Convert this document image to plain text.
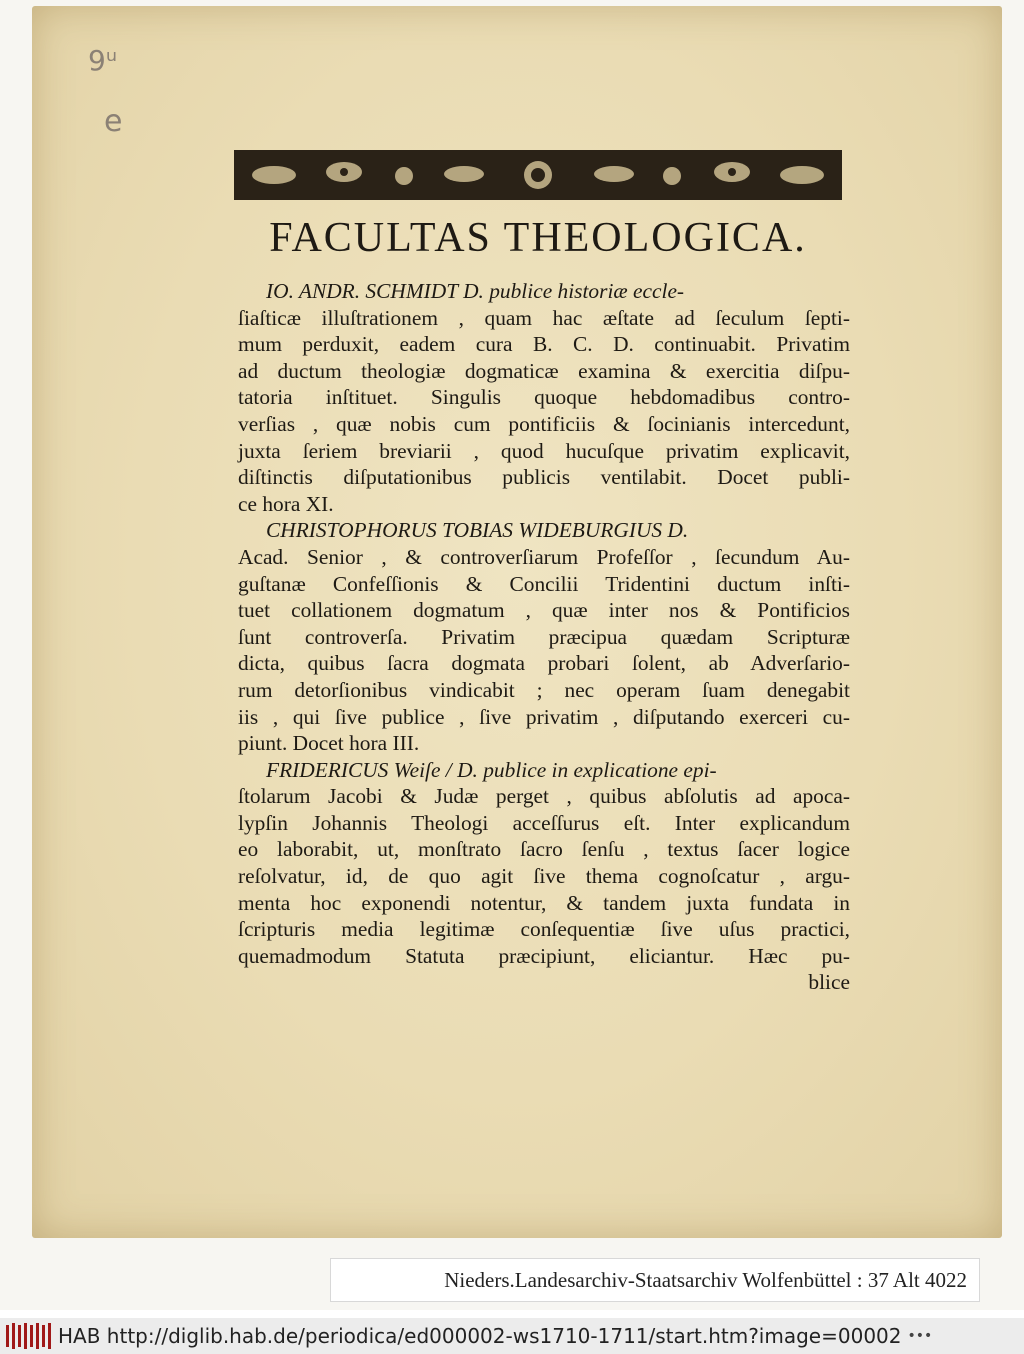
9ᵘ
e
FACULTAS THEOLOGICA.
IO. ANDR. SCHMIDT D. publice historiæ eccle-
ſiaſticæ illuſtrationem , quam hac æſtate ad ſeculum ſepti-
mum perduxit, eadem cura B. C. D. continuabit. Privatim
ad ductum theologiæ dogmaticæ examina & exercitia diſpu-
tatoria inſtituet. Singulis quoque hebdomadibus contro-
verſias , quæ nobis cum pontificiis & ſocinianis intercedunt,
juxta ſeriem breviarii , quod hucuſque privatim explicavit,
diſtinctis diſputationibus publicis ventilabit. Docet publi-
ce hora XI.
CHRISTOPHORUS TOBIAS WIDEBURGIUS D.
Acad. Senior , & controverſiarum Profeſſor , ſecundum Au-
guſtanæ Confeſſionis & Concilii Tridentini ductum inſti-
tuet collationem dogmatum , quæ inter nos & Pontificios
ſunt controverſa. Privatim præcipua quædam Scripturæ
dicta, quibus ſacra dogmata probari ſolent, ab Adverſario-
rum detorſionibus vindicabit ; nec operam ſuam denegabit
iis , qui ſive publice , ſive privatim , diſputando exerceri cu-
piunt. Docet hora III.
FRIDERICUS Weiſe / D. publice in explicatione epi-
ſtolarum Jacobi & Judæ perget , quibus abſolutis ad apoca-
lypſin Johannis Theologi acceſſurus eſt. Inter explicandum
eo laborabit, ut, monſtrato ſacro ſenſu , textus ſacer logice
reſolvatur, id, de quo agit ſive thema cognoſcatur , argu-
menta hoc exponendi notentur, & tandem juxta fundata in
ſcripturis media legitimæ conſequentiæ ſive uſus practici,
quemadmodum Statuta præcipiunt, eliciantur. Hæc pu-
blice
Nieders.Landesarchiv-Staatsarchiv Wolfenbüttel : 37 Alt 4022
HAB http://diglib.hab.de/periodica/ed000002-ws1710-1711/start.htm?image=00002 •••
